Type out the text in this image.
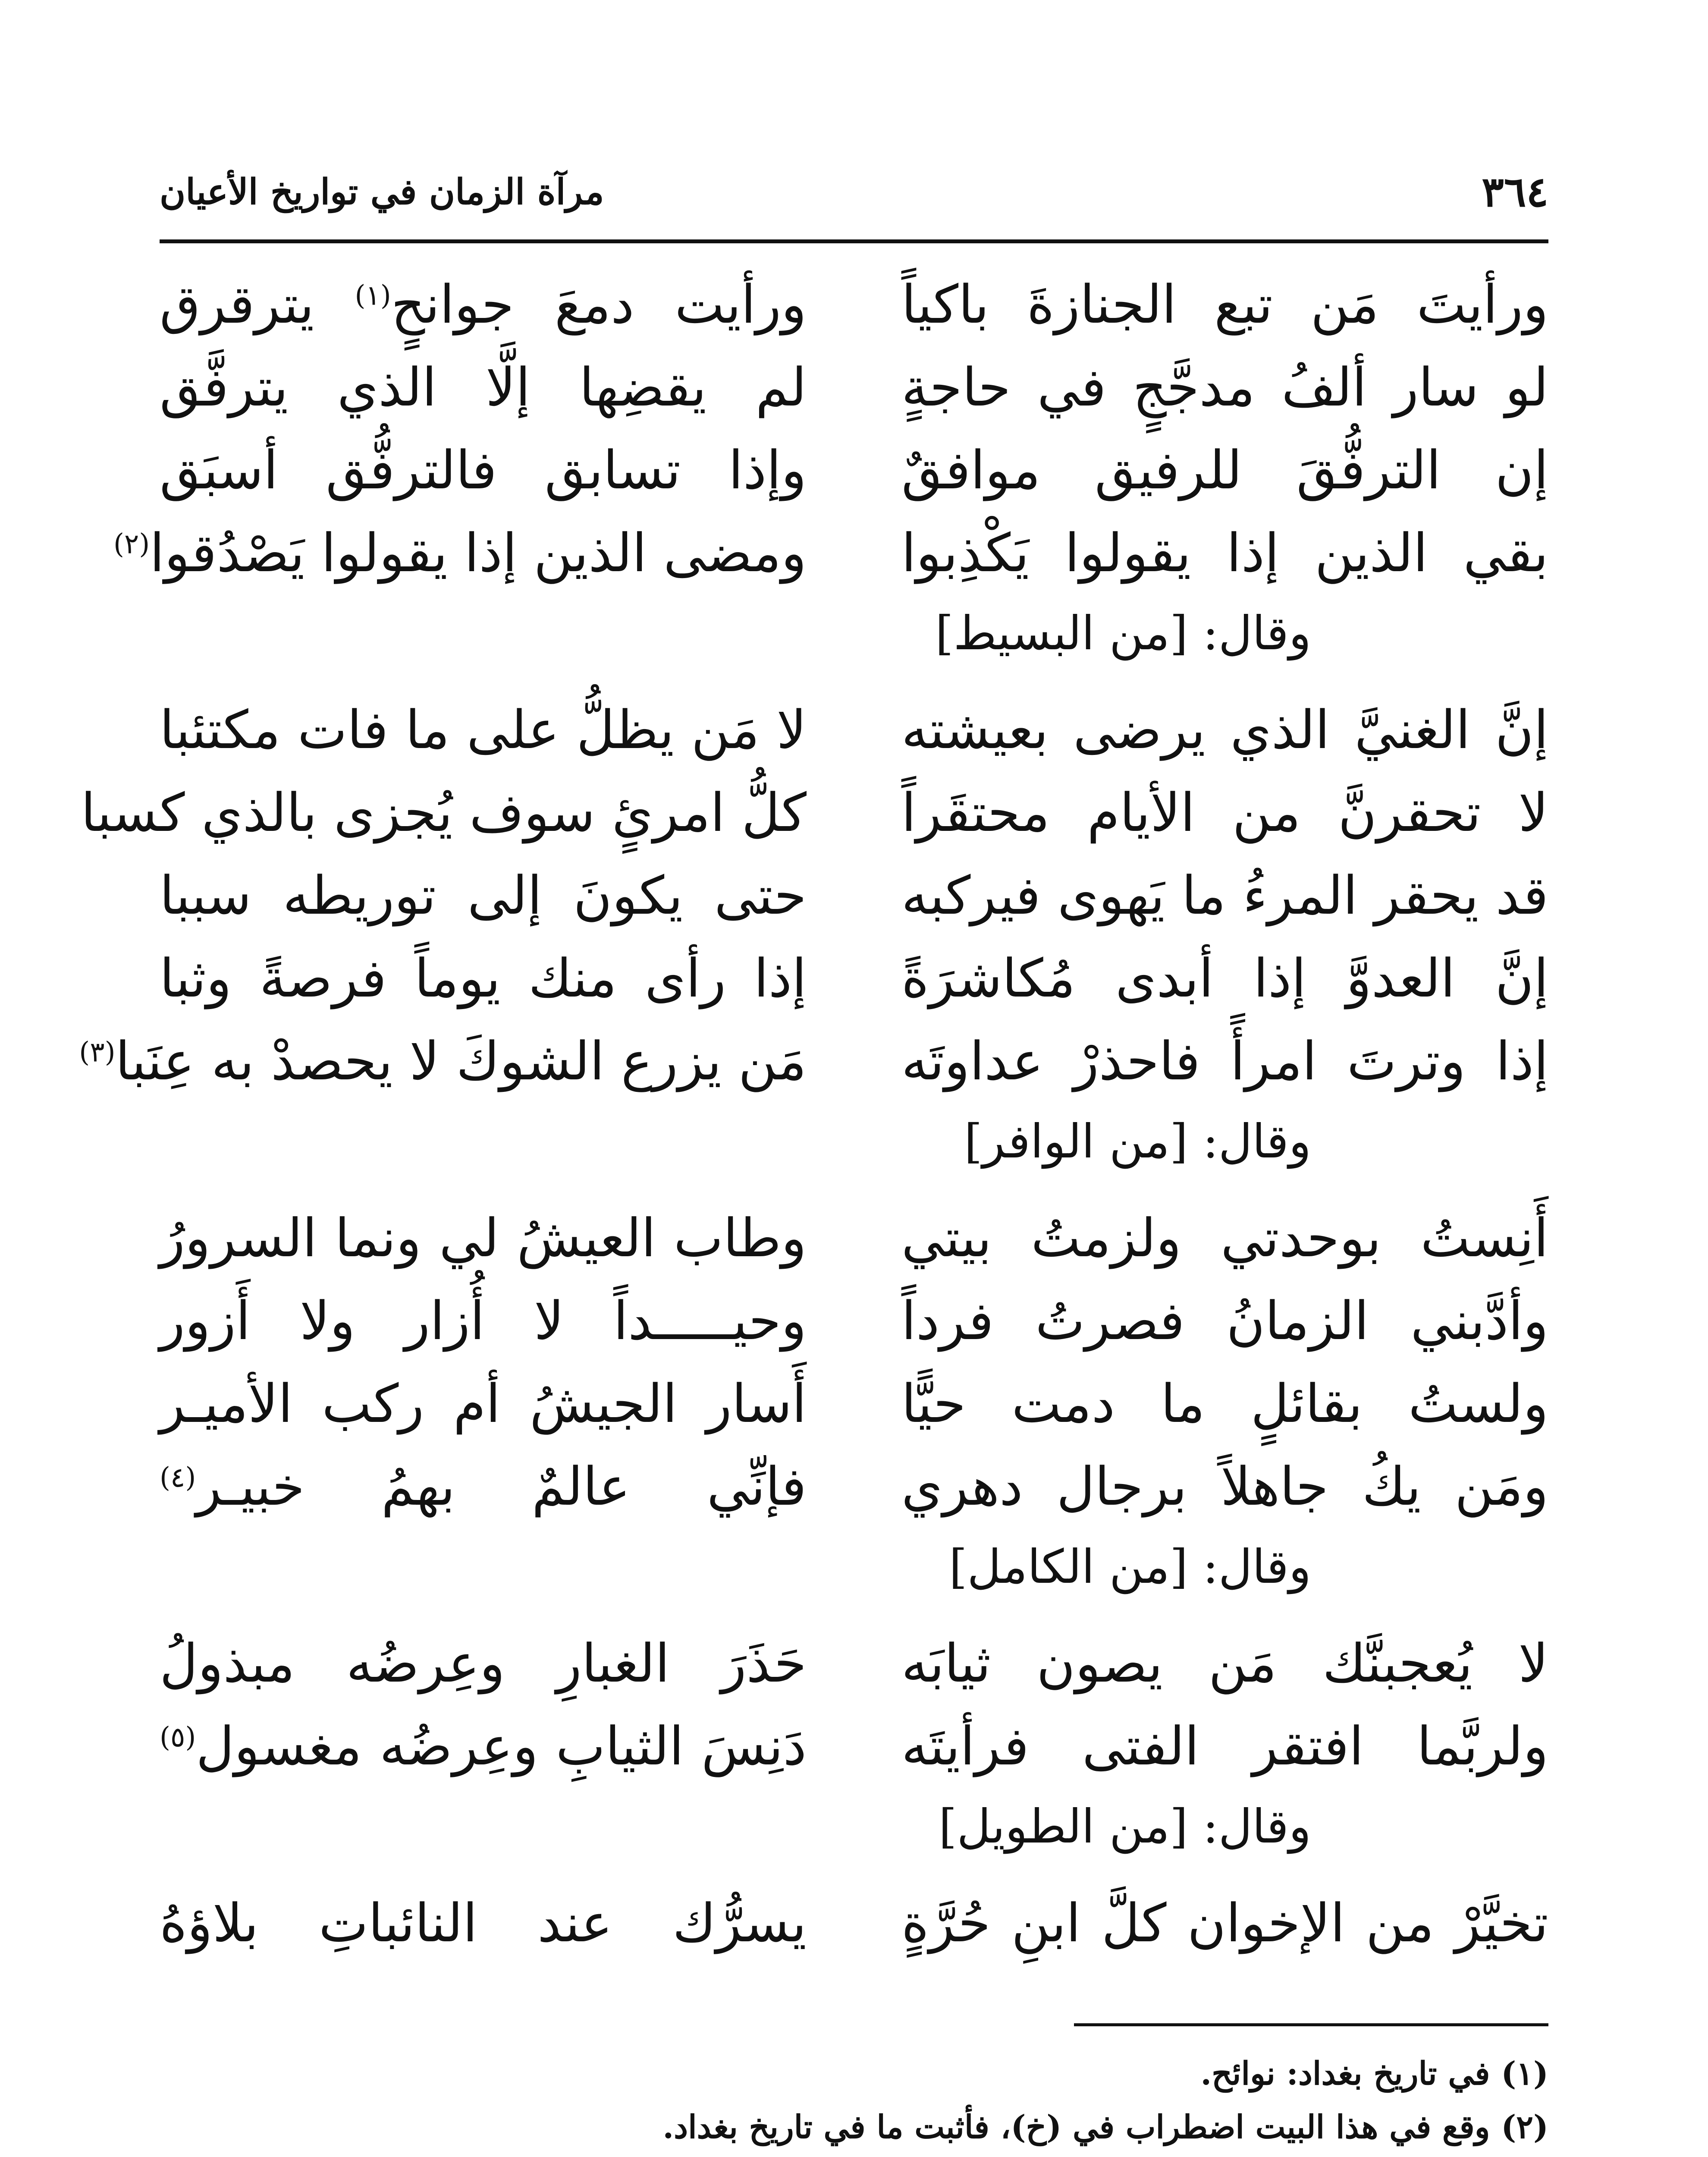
٣٦٤
مرآة الزمان في تواريخ الأعيان
ورأيتَ مَن تبع الجنازةَ باكياً
ورأيت دمعَ جوانحٍ$^{(١)}$ يترقرق
لو سار ألفُ مدجَّجٍ في حاجةٍ
لم يقضِها إلَّا الذي يترفَّق
إن الترفُّقَ للرفيق موافقٌ
وإذا تسابق فالترفُّق أسبَق
بقي الذين إذا يقولوا يَكْذِبوا
ومضى الذين إذا يقولوا يَصْدُقوا$^{(٢)}$
وقال: [من البسيط]
إنَّ الغنيَّ الذي يرضى بعيشته
لا مَن يظلُّ على ما فات مكتئبا
لا تحقرنَّ من الأيام محتقَراً
كلُّ امرئٍ سوف يُجزى بالذي كسبا
قد يحقر المرءُ ما يَهوى فيركبه
حتى يكونَ إلى توريطه سببا
إنَّ العدوَّ إذا أبدى مُكاشرَةً
إذا رأى منك يوماً فرصةً وثبا
إذا وترتَ امرأً فاحذرْ عداوتَه
مَن يزرع الشوكَ لا يحصدْ به عِنَبا$^{(٣)}$
وقال: [من الوافر]
أَنِستُ بوحدتي ولزمتُ بيتي
وطاب العيشُ لي ونما السرورُ
وأدَّبني الزمانُ فصرتُ فرداً
وحيـــــداً لا أُزار ولا أَزور
ولستُ بقائلٍ ما دمت حيًّا
أَسار الجيشُ أم ركب الأميـر
ومَن يكُ جاهلاً برجال دهري
فإنِّي عالمٌ بهمُ خبيـر$^{(٤)}$
وقال: [من الكامل]
لا يُعجبنَّك مَن يصون ثيابَه
حَذَرَ الغبارِ وعِرضُه مبذولُ
ولربَّما افتقر الفتى فرأيتَه
دَنِسَ الثيابِ وعِرضُه مغسول$^{(٥)}$
وقال: [من الطويل]
تخيَّرْ من الإخوان كلَّ ابنِ حُرَّةٍ
يسرُّك عند النائباتِ بلاؤهُ
(١) في تاريخ بغداد: نوائح.
(٢) وقع في هذا البيت اضطراب في (خ)، فأثبت ما في تاريخ بغداد.
